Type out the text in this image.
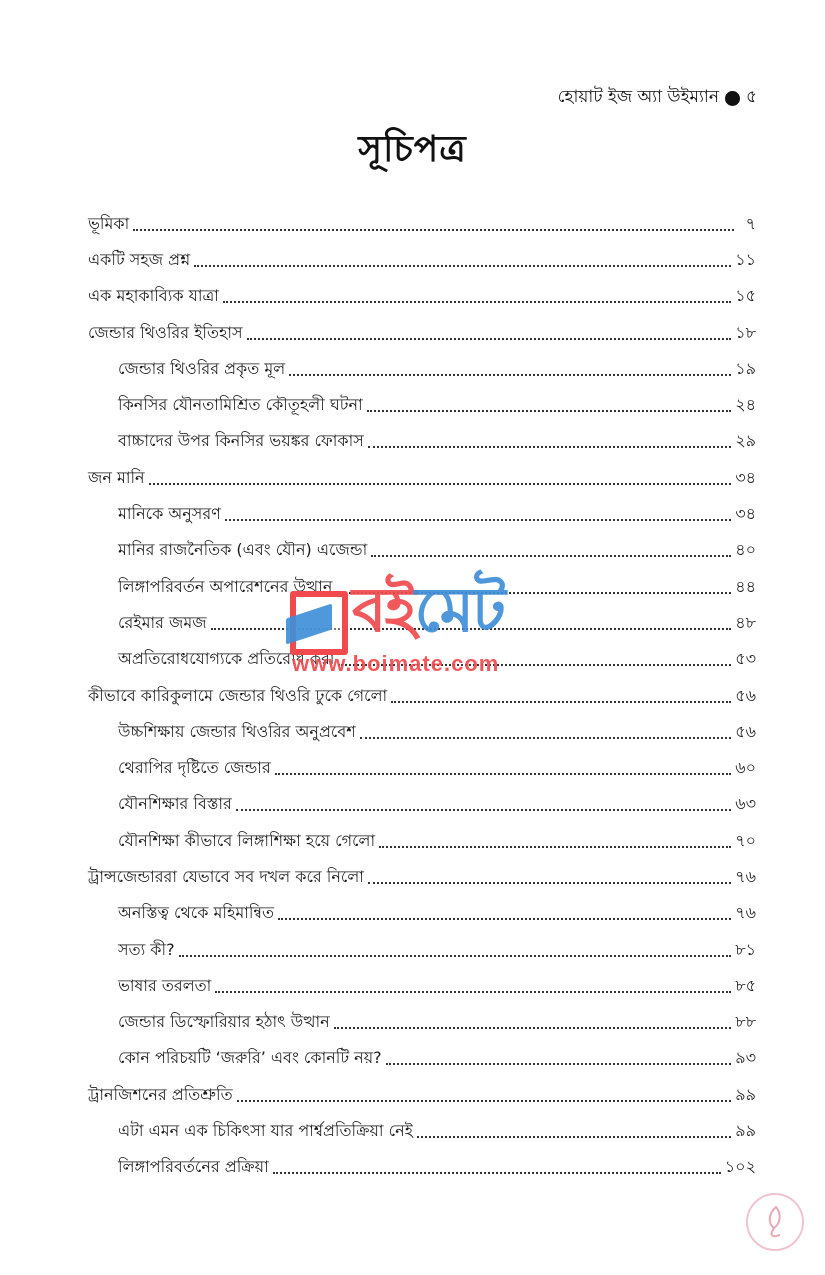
হোয়াট ইজ অ্যা উইম্যান ৫
সূচিপত্র
ভূমিকা	৭
একটি সহজ প্রশ্ন	১১
এক মহাকাব্যিক যাত্রা	১৫
জেন্ডার থিওরির ইতিহাস	১৮
জেন্ডার থিওরির প্রকৃত মূল	১৯
কিনসির যৌনতামিশ্রিত কৌতূহলী ঘটনা	২৪
বাচ্চাদের উপর কিনসির ভয়ঙ্কর ফোকাস	২৯
জন মানি	৩৪
মানিকে অনুসরণ	৩৪
মানির রাজনৈতিক (এবং যৌন) এজেন্ডা	৪০
লিঙ্গাপরিবর্তন অপারেশনের উত্থান	৪৪
রেইমার জমজ	৪৮
অপ্রতিরোধযোগ্যকে প্রতিরোধ করা	৫৩
কীভাবে কারিকুলামে জেন্ডার থিওরি ঢুকে গেলো	৫৬
উচ্চশিক্ষায় জেন্ডার থিওরির অনুপ্রবেশ	৫৬
থেরাপির দৃষ্টিতে জেন্ডার	৬০
যৌনশিক্ষার বিস্তার	৬৩
যৌনশিক্ষা কীভাবে লিঙ্গাশিক্ষা হয়ে গেলো	৭০
ট্রান্সজেন্ডাররা যেভাবে সব দখল করে নিলো	৭৬
অনস্তিত্ব থেকে মহিমান্বিত	৭৬
সত্য কী?	৮১
ভাষার তরলতা	৮৫
জেন্ডার ডিস্ফোরিয়ার হঠাৎ উত্থান	৮৮
কোন পরিচয়টি ‘জরুরি’ এবং কোনটি নয়?	৯৩
ট্রানজিশনের প্রতিশ্রুতি	৯৯
এটা এমন এক চিকিৎসা যার পার্শ্বপ্রতিক্রিয়া নেই	৯৯
লিঙ্গাপরিবর্তনের প্রক্রিয়া	১০২
বইমেট
www.boimate.com
